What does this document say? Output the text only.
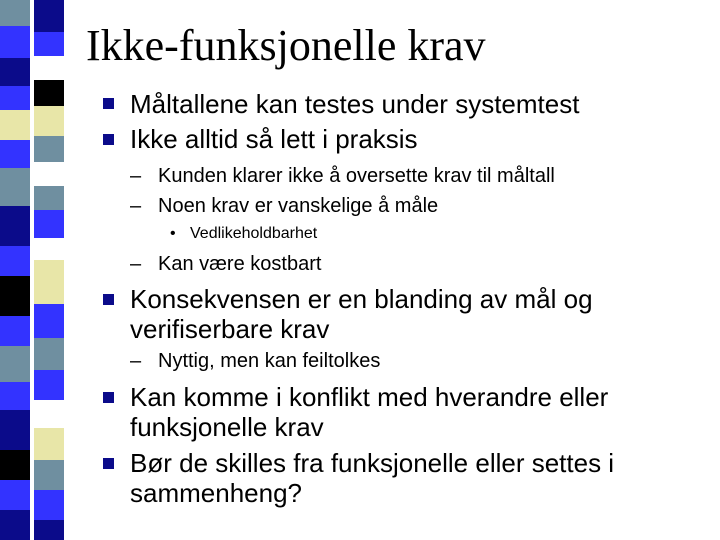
Ikke-funksjonelle krav
Måltallene kan testes under systemtest
Ikke alltid så lett i praksis
– Kunden klarer ikke å oversette krav til måltall
– Noen krav er vanskelige å måle
• Vedlikeholdbarhet
– Kan være kostbart
Konsekvensen er en blanding av mål og
verifiserbare krav
– Nyttig, men kan feiltolkes
Kan komme i konflikt med hverandre eller
funksjonelle krav
Bør de skilles fra funksjonelle eller settes i
sammenheng?
